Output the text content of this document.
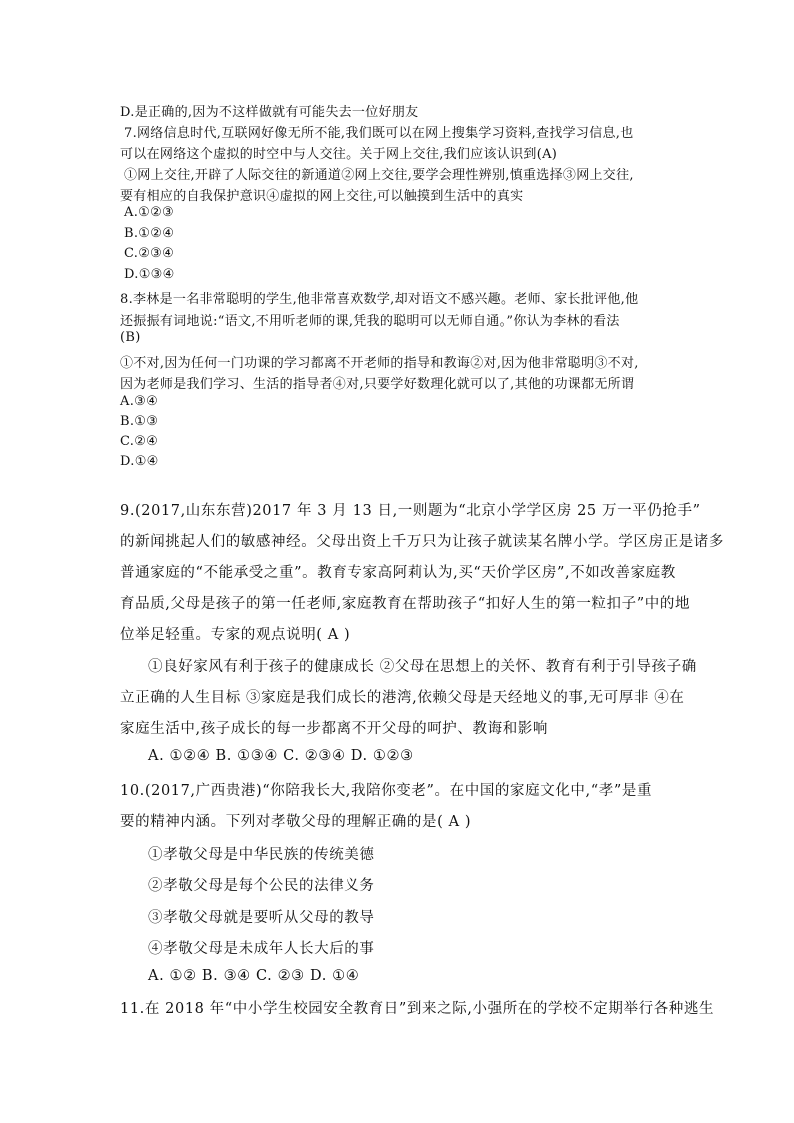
D.是正确的,因为不这样做就有可能失去一位好朋友
7.网络信息时代,互联网好像无所不能,我们既可以在网上搜集学习资料,查找学习信息,也
可以在网络这个虚拟的时空中与人交往。关于网上交往,我们应该认识到(A)
①网上交往,开辟了人际交往的新通道②网上交往,要学会理性辨别,慎重选择③网上交往,
要有相应的自我保护意识④虚拟的网上交往,可以触摸到生活中的真实
A.①②③
B.①②④
C.②③④
D.①③④
8.李林是一名非常聪明的学生,他非常喜欢数学,却对语文不感兴趣。老师、家长批评他,他
还振振有词地说:“语文,不用听老师的课,凭我的聪明可以无师自通。”你认为李林的看法
(B)
①不对,因为任何一门功课的学习都离不开老师的指导和教诲②对,因为他非常聪明③不对,
因为老师是我们学习、生活的指导者④对,只要学好数理化就可以了,其他的功课都无所谓
A.③④
B.①③
C.②④
D.①④
9.(2017,山东东营)2017 年 3 月 13 日,一则题为“北京小学学区房 25 万一平仍抢手”
的新闻挑起人们的敏感神经。父母出资上千万只为让孩子就读某名牌小学。学区房正是诸多
普通家庭的“不能承受之重”。教育专家高阿莉认为,买“天价学区房”,不如改善家庭教
育品质,父母是孩子的第一任老师,家庭教育在帮助孩子“扣好人生的第一粒扣子”中的地
位举足轻重。专家的观点说明( A )
①良好家风有利于孩子的健康成长 ②父母在思想上的关怀、教育有利于引导孩子确
立正确的人生目标 ③家庭是我们成长的港湾,依赖父母是天经地义的事,无可厚非 ④在
家庭生活中,孩子成长的每一步都离不开父母的呵护、教诲和影响
A. ①②④ B. ①③④ C. ②③④ D. ①②③
10.(2017,广西贵港)“你陪我长大,我陪你变老”。在中国的家庭文化中,“孝”是重
要的精神内涵。下列对孝敬父母的理解正确的是( A )
①孝敬父母是中华民族的传统美德
②孝敬父母是每个公民的法律义务
③孝敬父母就是要听从父母的教导
④孝敬父母是未成年人长大后的事
A. ①② B. ③④ C. ②③ D. ①④
11.在 2018 年“中小学生校园安全教育日”到来之际,小强所在的学校不定期举行各种逃生
